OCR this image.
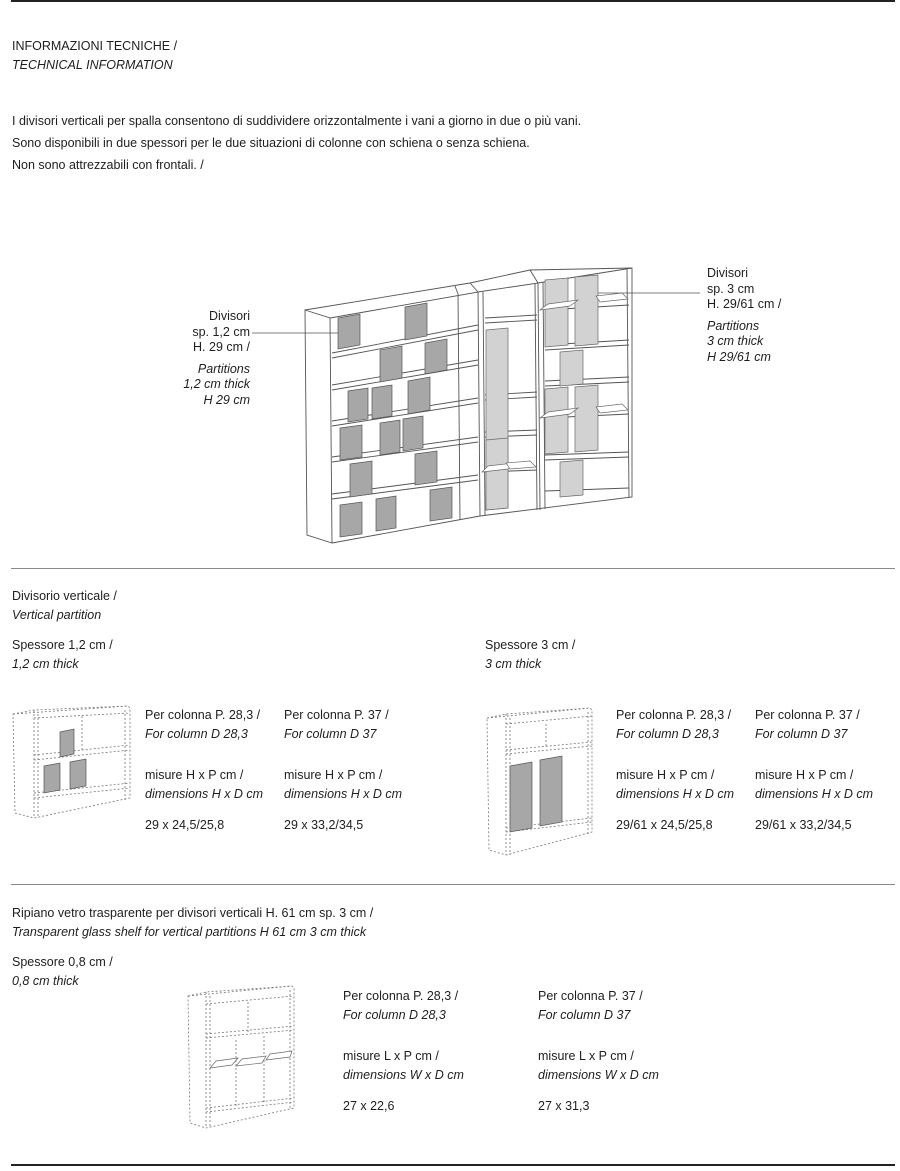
INFORMAZIONI TECNICHE /
TECHNICAL INFORMATION
I divisori verticali per spalla consentono di suddividere orizzontalmente i vani a giorno in due o più vani.
Sono disponibili in due spessori per le due situazioni di colonne con schiena o senza schiena.
Non sono attrezzabili con frontali. /
Divisori
sp. 1,2 cm
H. 29 cm /
Partitions
1,2 cm thick
H 29 cm
Divisori
sp. 3 cm
H. 29/61 cm /
Partitions
3 cm thick
H 29/61 cm
Divisorio verticale /
Vertical partition
Spessore 1,2 cm /
1,2 cm thick
Spessore 3 cm /
3 cm thick
Per colonna P. 28,3 /
For column D 28,3
misure H x P cm /
dimensions H x D cm
29 x 24,5/25,8
Per colonna P. 37 /
For column D 37
misure H x P cm /
dimensions H x D cm
29 x 33,2/34,5
Per colonna P. 28,3 /
For column D 28,3
misure H x P cm /
dimensions H x D cm
29/61 x 24,5/25,8
Per colonna P. 37 /
For column D 37
misure H x P cm /
dimensions H x D cm
29/61 x 33,2/34,5
Ripiano vetro trasparente per divisori verticali H. 61 cm sp. 3 cm /
Transparent glass shelf for vertical partitions H 61 cm 3 cm thick
Spessore 0,8 cm /
0,8 cm thick
Per colonna P. 28,3 /
For column D 28,3
misure L x P cm /
dimensions W x D cm
27 x 22,6
Per colonna P. 37 /
For column D 37
misure L x P cm /
dimensions W x D cm
27 x 31,3
